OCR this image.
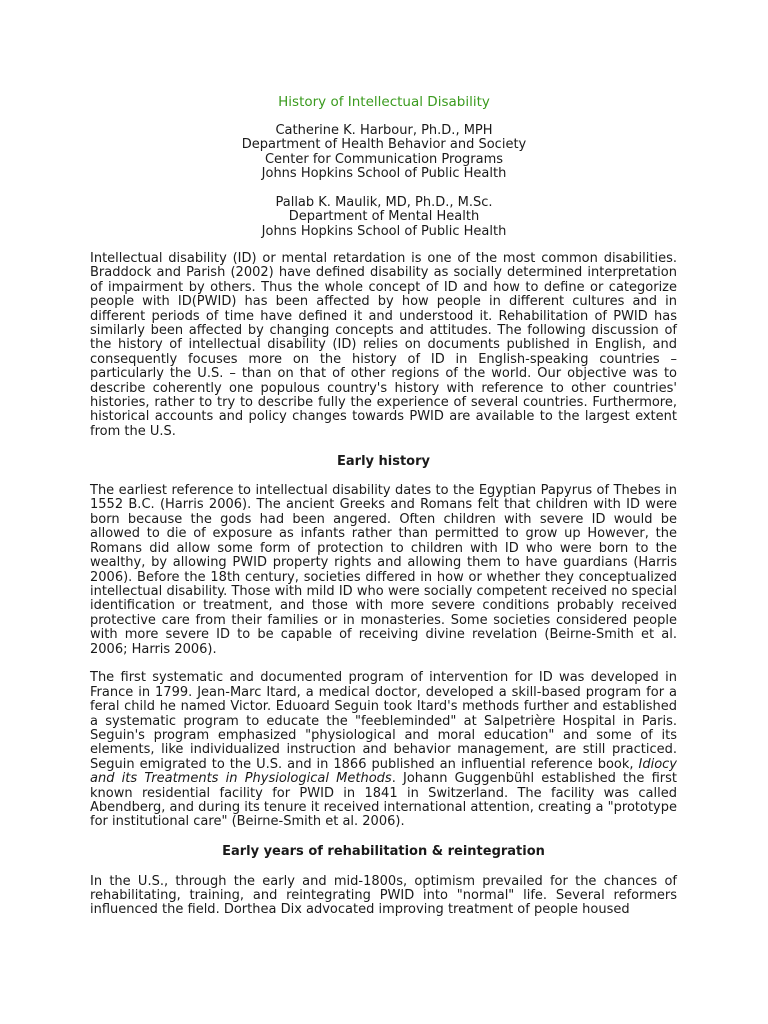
History of Intellectual Disability
Catherine K. Harbour, Ph.D., MPH
Department of Health Behavior and Society
Center for Communication Programs
Johns Hopkins School of Public Health
Pallab K. Maulik, MD, Ph.D., M.Sc.
Department of Mental Health
Johns Hopkins School of Public Health

Intellectual disability (ID) or mental retardation is one of the most common disabilities. Braddock and Parish (2002) have defined disability as socially determined interpretation of impairment by others. Thus the whole concept of ID and how to define or categorize people with ID(PWID) has been affected by how people in different cultures and in different periods of time have defined it and understood it. Rehabilitation of PWID has similarly been affected by changing concepts and attitudes. The following discussion of the history of intellectual disability (ID) relies on documents published in English, and consequently focuses more on the history of ID in English-speaking countries – particularly the U.S. – than on that of other regions of the world. Our objective was to describe coherently one populous country's history with reference to other countries' histories, rather to try to describe fully the experience of several countries. Furthermore, historical accounts and policy changes towards PWID are available to the largest extent from the U.S.

Early history

The earliest reference to intellectual disability dates to the Egyptian Papyrus of Thebes in 1552 B.C. (Harris 2006). The ancient Greeks and Romans felt that children with ID were born because the gods had been angered. Often children with severe ID would be allowed to die of exposure as infants rather than permitted to grow up However, the Romans did allow some form of protection to children with ID who were born to the wealthy, by allowing PWID property rights and allowing them to have guardians (Harris 2006). Before the 18th century, societies differed in how or whether they conceptualized intellectual disability. Those with mild ID who were socially competent received no special identification or treatment, and those with more severe conditions probably received protective care from their families or in monasteries. Some societies considered people with more severe ID to be capable of receiving divine revelation (Beirne-Smith et al. 2006; Harris 2006).

The first systematic and documented program of intervention for ID was developed in France in 1799. Jean-Marc Itard, a medical doctor, developed a skill-based program for a feral child he named Victor. Eduoard Seguin took Itard's methods further and established a systematic program to educate the "feebleminded" at Salpetrière Hospital in Paris. Seguin's program emphasized "physiological and moral education" and some of its elements, like individualized instruction and behavior management, are still practiced. Seguin emigrated to the U.S. and in 1866 published an influential reference book, Idiocy and its Treatments in Physiological Methods. Johann Guggenbühl established the first known residential facility for PWID in 1841 in Switzerland. The facility was called Abendberg, and during its tenure it received international attention, creating a "prototype for institutional care" (Beirne-Smith et al. 2006).

Early years of rehabilitation & reintegration

In the U.S., through the early and mid-1800s, optimism prevailed for the chances of rehabilitating, training, and reintegrating PWID into "normal" life. Several reformers influenced the field. Dorthea Dix advocated improving treatment of people housed
